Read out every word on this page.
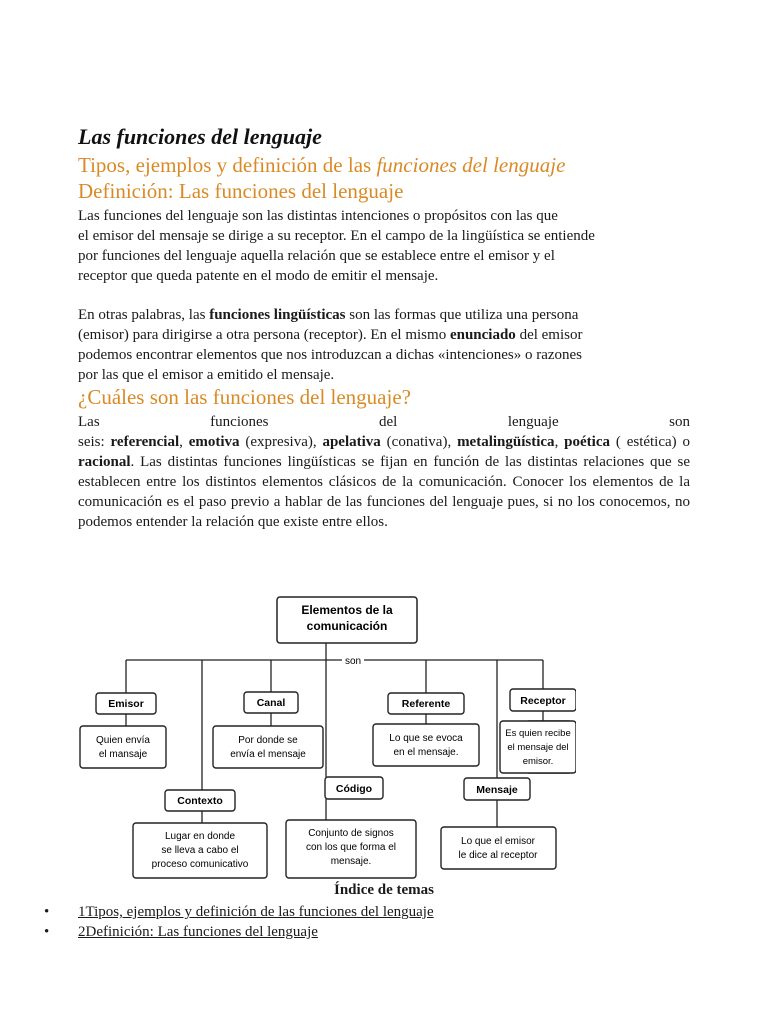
Las funciones del lenguaje
Tipos, ejemplos y definición de las funciones del lenguaje
Definición: Las funciones del lenguaje

Las funciones del lenguaje son las distintas intenciones o propósitos con las que
el emisor del mensaje se dirige a su receptor. En el campo de la lingüística se entiende
por funciones del lenguaje aquella relación que se establece entre el emisor y el
receptor que queda patente en el modo de emitir el mensaje.

En otras palabras, las funciones lingüísticas son las formas que utiliza una persona
(emisor) para dirigirse a otra persona (receptor). En el mismo enunciado del emisor
podemos encontrar elementos que nos introduzcan a dichas «intenciones» o razones
por las que el emisor a emitido el mensaje.

¿Cuáles son las funciones del lenguaje?
Las funciones del lenguaje son
seis: referencial, emotiva (expresiva), apelativa (conativa), metalingüística, poética ( estética) o racional. Las distintas funciones lingüísticas se fijan en función de las distintas relaciones que se establecen entre los distintos elementos clásicos de la comunicación. Conocer los elementos de la comunicación es el paso previo a hablar de las funciones del lenguaje pues, si no los conocemos, no podemos entender la relación que existe entre ellos.
Elementos de la
comunicación
son
Emisor
Quien envía
el mansaje
Canal
Por donde se
envía el mensaje
Referente
Lo que se evoca
en el mensaje.
Receptor
Es quien recibe
el mensaje del
emisor.
Contexto
Lugar en donde
se lleva a cabo el
proceso comunicativo
Código
Conjunto de signos
con los que forma el
mensaje.
Mensaje
Lo que el emisor
le dice al receptor

Índice de temas

• 1Tipos, ejemplos y definición de las funciones del lenguaje
• 2Definición: Las funciones del lenguaje
